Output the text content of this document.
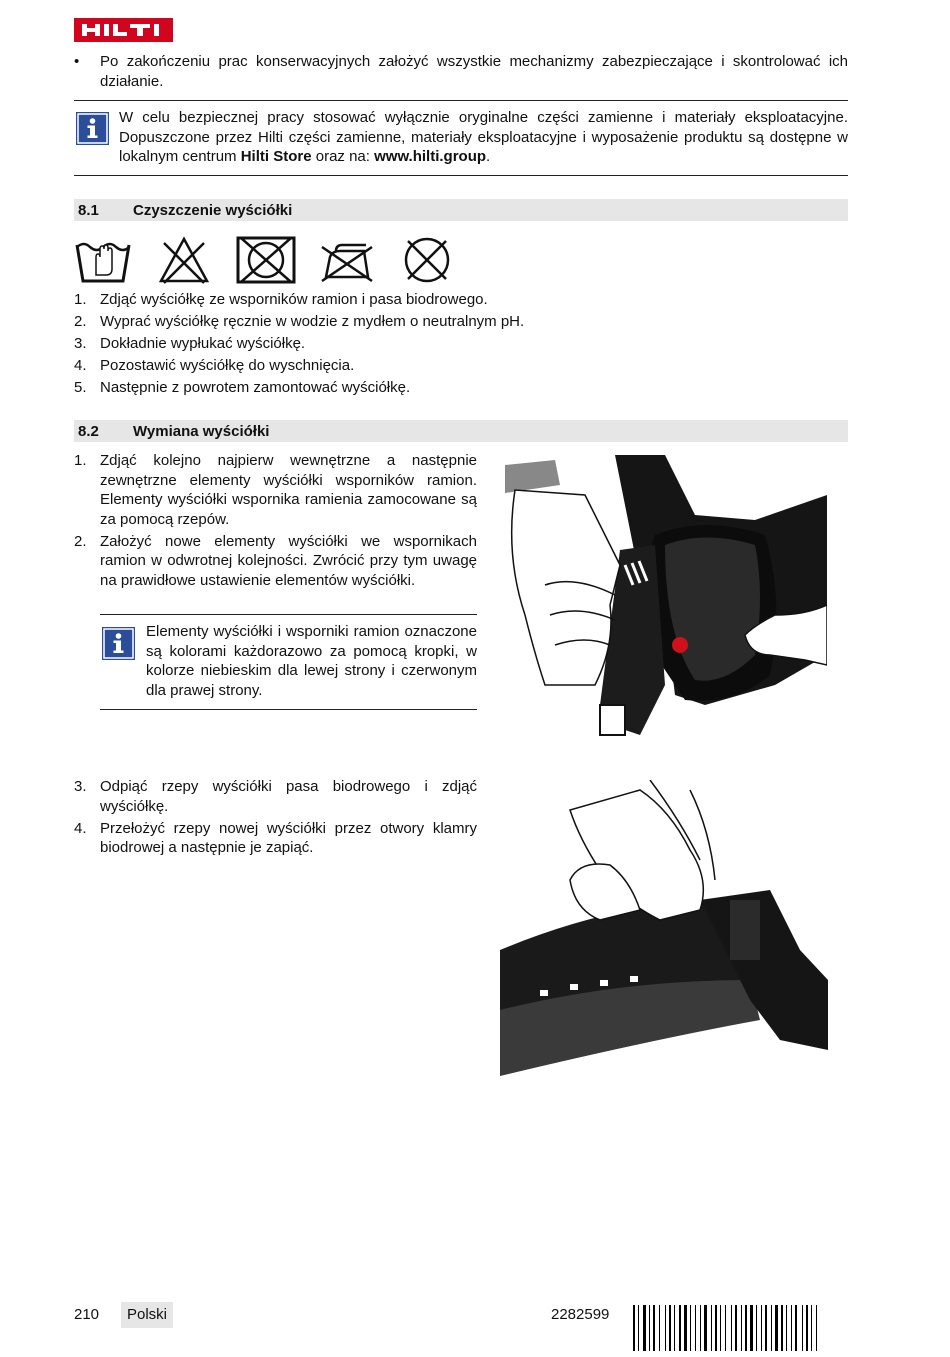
• Po zakończeniu prac konserwacyjnych założyć wszystkie mechanizmy zabezpieczające i skontrolować ich działanie.
W celu bezpiecznej pracy stosować wyłącznie oryginalne części zamienne i materiały eksploatacyjne. Dopuszczone przez Hilti części zamienne, materiały eksploatacyjne i wyposażenie produktu są dostępne w lokalnym centrum Hilti Store oraz na: www.hilti.group.
8.1 Czyszczenie wyściółki
1. Zdjąć wyściółkę ze wsporników ramion i pasa biodrowego.
2. Wyprać wyściółkę ręcznie w wodzie z mydłem o neutralnym pH.
3. Dokładnie wypłukać wyściółkę.
4. Pozostawić wyściółkę do wyschnięcia.
5. Następnie z powrotem zamontować wyściółkę.
8.2 Wymiana wyściółki
1. Zdjąć kolejno najpierw wewnętrzne a następnie zewnętrzne elementy wyściółki wsporników ramion. Elementy wyściółki wspornika ramienia zamocowane są za pomocą rzepów.
2. Założyć nowe elementy wyściółki we wspornikach ramion w odwrotnej kolejności. Zwrócić przy tym uwagę na prawidłowe ustawienie elementów wyściółki.
Elementy wyściółki i wsporniki ramion oznaczone są kolorami każdorazowo za pomocą kropki, w kolorze niebieskim dla lewej strony i czerwonym dla prawej strony.
3. Odpiąć rzepy wyściółki pasa biodrowego i zdjąć wyściółkę.
4. Przełożyć rzepy nowej wyściółki przez otwory klamry biodrowej a następnie je zapiąć.
210	Polski	2282599
